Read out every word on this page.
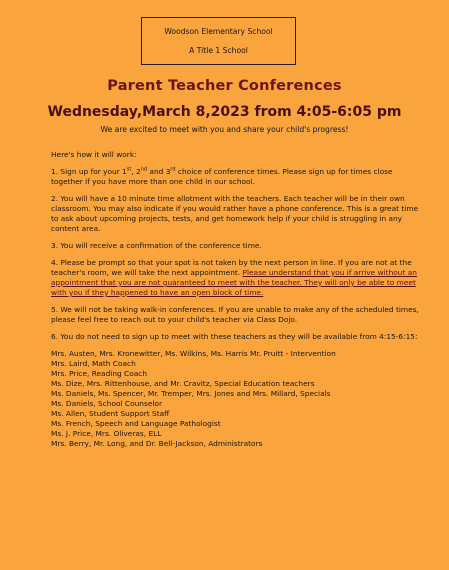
Woodson Elementary School
A Title 1 School
Parent Teacher Conferences
Wednesday,March 8,2023 from 4:05-6:05 pm
We are excited to meet with you and share your child's progress!

Here's how it will work:

1. Sign up for your 1st, 2nd and 3rd choice of conference times. Please sign up for times close together if you have more than one child in our school.

2. You will have a 10 minute time allotment with the teachers. Each teacher will be in their own classroom. You may also indicate if you would rather have a phone conference. This is a great time to ask about upcoming projects, tests, and get homework help if your child is struggling in any content area.

3. You will receive a confirmation of the conference time.

4. Please be prompt so that your spot is not taken by the next person in line. If you are not at the teacher's room, we will take the next appointment. Please understand that you if arrive without an appointment that you are not guaranteed to meet with the teacher. They will only be able to meet with you if they happened to have an open block of time.

5. We will not be taking walk-in conferences. If you are unable to make any of the scheduled times, please feel free to reach out to your child's teacher via Class Dojo.

6. You do not need to sign up to meet with these teachers as they will be available from 4:15-6:15:

Mrs. Austen, Mrs. Kronewitter, Ms. Wilkins, Ms. Harris Mr. Pruitt - Intervention
Mrs. Laird, Math Coach
Mrs. Price, Reading Coach
Ms. Dize, Mrs. Rittenhouse, and Mr. Cravitz, Special Education teachers
Ms. Daniels, Ms. Spencer, Mr. Tremper, Mrs. Jones and Mrs. Millard, Specials
Ms. Daniels, School Counselor
Ms. Allen, Student Support Staff
Ms. French, Speech and Language Pathologist
Ms. J. Price, Mrs. Oliveras, ELL
Mrs. Berry, Mr. Long, and Dr. Bell-Jackson, Administrators
